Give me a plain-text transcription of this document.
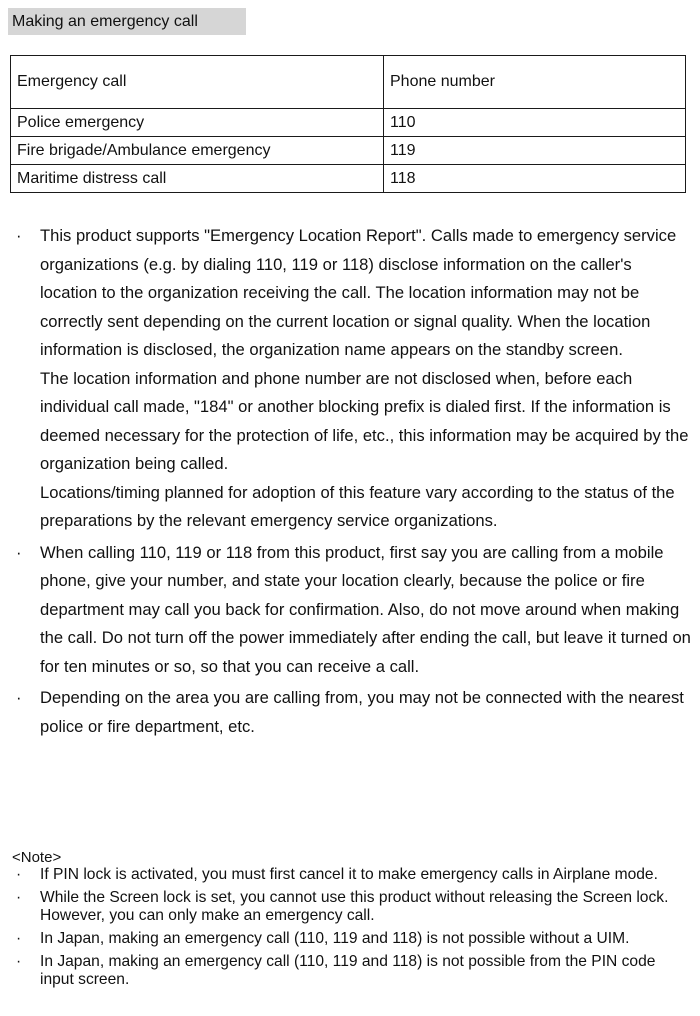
Making an emergency call
Emergency call	Phone number
Police emergency	110
Fire brigade/Ambulance emergency	119
Maritime distress call	118
· This product supports "Emergency Location Report". Calls made to emergency service organizations (e.g. by dialing 110, 119 or 118) disclose information on the caller's location to the organization receiving the call. The location information may not be correctly sent depending on the current location or signal quality. When the location information is disclosed, the organization name appears on the standby screen.
The location information and phone number are not disclosed when, before each individual call made, "184" or another blocking prefix is dialed first. If the information is deemed necessary for the protection of life, etc., this information may be acquired by the organization being called.
Locations/timing planned for adoption of this feature vary according to the status of the preparations by the relevant emergency service organizations.
· When calling 110, 119 or 118 from this product, first say you are calling from a mobile phone, give your number, and state your location clearly, because the police or fire department may call you back for confirmation. Also, do not move around when making the call. Do not turn off the power immediately after ending the call, but leave it turned on for ten minutes or so, so that you can receive a call.
· Depending on the area you are calling from, you may not be connected with the nearest police or fire department, etc.
<Note>
· If PIN lock is activated, you must first cancel it to make emergency calls in Airplane mode.
· While the Screen lock is set, you cannot use this product without releasing the Screen lock. However, you can only make an emergency call.
· In Japan, making an emergency call (110, 119 and 118) is not possible without a UIM.
· In Japan, making an emergency call (110, 119 and 118) is not possible from the PIN code input screen.
